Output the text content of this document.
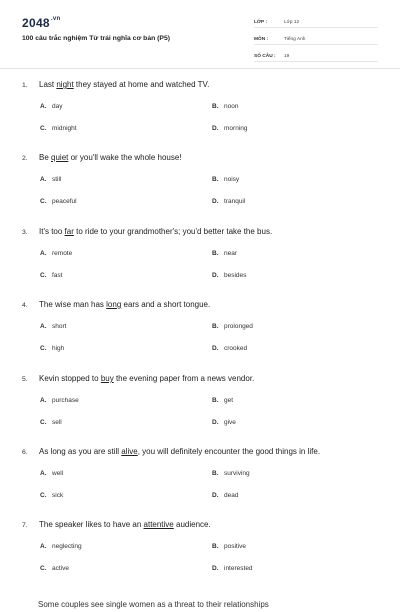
$2048^{.vn}$
100 câu trắc nghiệm Từ trái nghĩa cơ bản (P5)
LỚP :	Lớp 12
MÔN :	Tiếng Anh
SỐ CÂU :	19
1.	Last night they stayed at home and watched TV.
A. day	B. noon
C. midnight	D. morning
2.	Be quiet or you'll wake the whole house!
A. still	B. noisy
C. peaceful	D. tranquil
3.	It's too far to ride to your grandmother's; you'd better take the bus.
A. remote	B. near
C. fast	D. besides
4.	The wise man has long ears and a short tongue.
A. short	B. prolonged
C. high	D. crooked
5.	Kevin stopped to buy the evening paper from a news vendor.
A. purchase	B. get
C. sell	D. give
6.	As long as you are still alive, you will definitely encounter the good things in life.
A. well	B. surviving
C. sick	D. dead
7.	The speaker likes to have an attentive audience.
A. neglecting	B. positive
C. active	D. interested
Some couples see single women as a threat to their relationships
